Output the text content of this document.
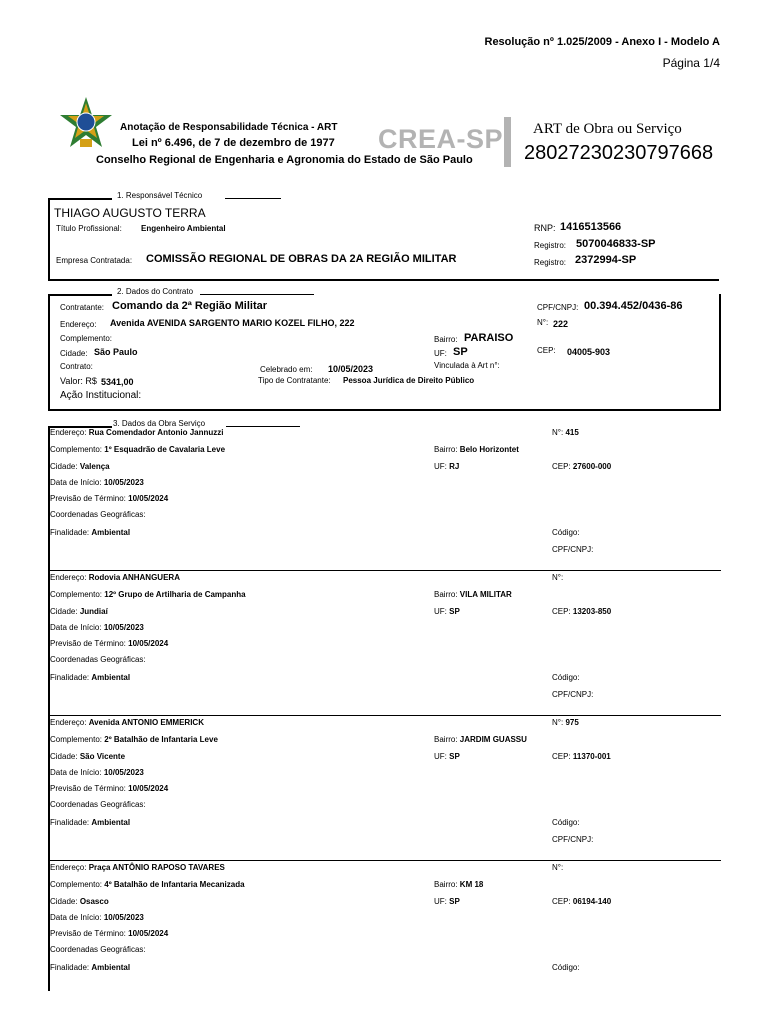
Resolução nº 1.025/2009 - Anexo I - Modelo A
Página 1/4
Anotação de Responsabilidade Técnica - ART
Lei nº 6.496, de 7 de dezembro de 1977
Conselho Regional de Engenharia e Agronomia do Estado de São Paulo
CREA-SP ART de Obra ou Serviço
28027230230797668
1. Responsável Técnico
THIAGO AUGUSTO TERRA
Título Profissional: Engenheiro Ambiental	RNP: 1416513566
Registro: 5070046833-SP
Empresa Contratada: COMISSÃO REGIONAL DE OBRAS DA 2A REGIÃO MILITAR	Registro: 2372994-SP
2. Dados do Contrato
Contratante: Comando da 2ª Região Militar	CPF/CNPJ: 00.394.452/0436-86
Endereço: Avenida AVENIDA SARGENTO MARIO KOZEL FILHO, 222	N°: 222
Complemento:	Bairro: PARAISO
Cidade: São Paulo	UF: SP	CEP: 04005-903
Contrato:	Celebrado em: 10/05/2023	Vinculada à Art n°:
Valor: R$ 5341,00	Tipo de Contratante: Pessoa Jurídica de Direito Público
Ação Institucional:
3. Dados da Obra Serviço
Endereço: Rua Comendador Antonio Jannuzzi
Complemento: 1º Esquadrão de Cavalaria Leve
Cidade: Valença
Data de Início: 10/05/2023
Previsão de Término: 10/05/2024
Coordenadas Geográficas:
Finalidade: Ambiental
N°: 415
Bairro: Belo Horizontet
UF: RJ	CEP: 27600-000
Código:
CPF/CNPJ:
Endereço: Rodovia ANHANGUERA
Complemento: 12º Grupo de Artilharia de Campanha
Cidade: Jundiaí
Data de Início: 10/05/2023
Previsão de Término: 10/05/2024
Coordenadas Geográficas:
Finalidade: Ambiental
N°:
Bairro: VILA MILITAR
UF: SP	CEP: 13203-850
Código:
CPF/CNPJ:
Endereço: Avenida ANTONIO EMMERICK
Complemento: 2º Batalhão de Infantaria Leve
Cidade: São Vicente
Data de Início: 10/05/2023
Previsão de Término: 10/05/2024
Coordenadas Geográficas:
Finalidade: Ambiental
N°: 975
Bairro: JARDIM GUASSU
UF: SP	CEP: 11370-001
Código:
CPF/CNPJ:
Endereço: Praça ANTÔNIO RAPOSO TAVARES
Complemento: 4º Batalhão de Infantaria Mecanizada
Cidade: Osasco
Data de Início: 10/05/2023
Previsão de Término: 10/05/2024
Coordenadas Geográficas:
Finalidade: Ambiental
N°:
Bairro: KM 18
UF: SP	CEP: 06194-140
Código:
